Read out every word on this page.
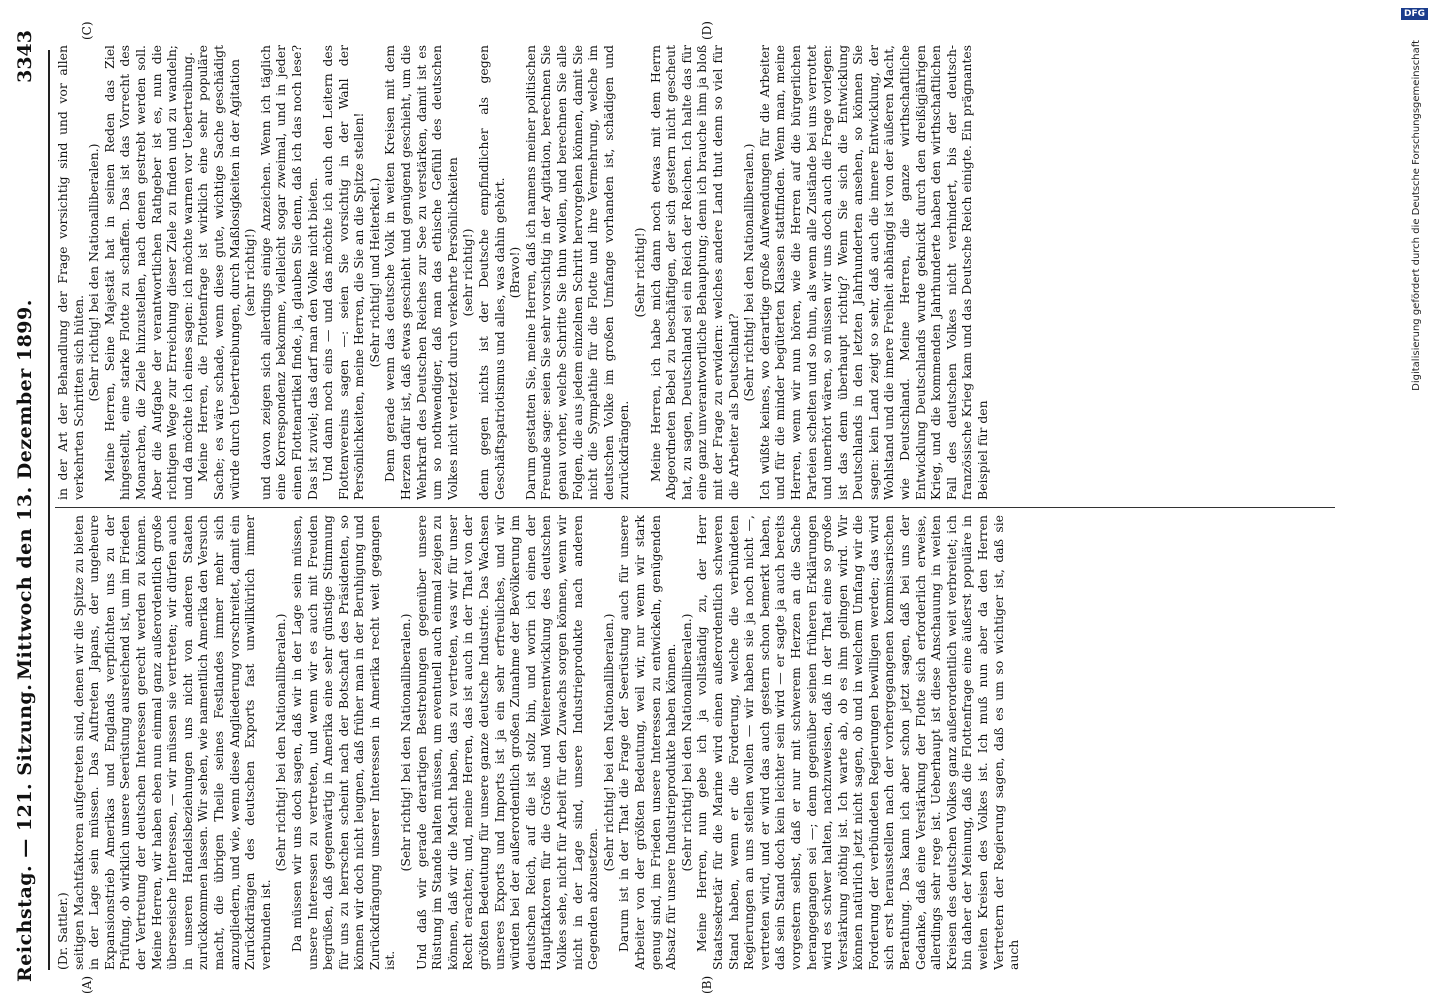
Reichstag. — 121. Sitzung.
Mittwoch den 13. Dezember 1899.
3343

(Dr. Sattler.) seitigen Machtfaktoren aufgetreten sind, denen wir die Spitze zu bieten in der Lage sein müssen. Das Auftreten Japans, der ungeheure Expansionstrieb Amerikas und Englands verpflichten uns zu der Prüfung, ob wirklich unsere Seerüstung ausreichend ist, um im Frieden der Vertretung der deutschen Interessen gerecht werden zu können. Meine Herren, wir haben eben nun einmal ganz außerordentlich große überseeische Interessen, — wir müssen sie vertreten; wir dürfen auch in unseren Handelsbeziehungen uns nicht von anderen Staaten zurückkommen lassen. Wir sehen, wie namentlich Amerika den Versuch macht, die übrigen Theile seines Festlandes immer mehr sich anzugliedern, und wie, wenn diese Angliederung vorschreitet, damit ein Zurückdrängen des deutschen Exports fast unwillkürlich immer verbunden ist.

(Sehr richtig! bei den Nationalliberalen.) Da müssen wir uns doch sagen, daß wir in der Lage sein müssen, unsere Interessen zu vertreten, und wenn wir es auch mit Freuden begrüßen, daß gegenwärtig in Amerika eine sehr günstige Stimmung für uns zu herrschen scheint nach der Botschaft des Präsidenten, so können wir doch nicht leugnen, daß früher man in der Beruhigung und Zurückdrängung unserer Interessen in Amerika recht weit gegangen ist.

(Sehr richtig! bei den Nationalliberalen.) Und daß wir gerade derartigen Bestrebungen gegenüber unsere Rüstung im Stande halten müssen, um eventuell auch einmal zeigen zu können, daß wir die Macht haben, das zu vertreten, was wir für unser Recht erachten; und, meine Herren, das ist auch in der That von der größten Bedeutung für unsere ganze deutsche Industrie. Das Wachsen unseres Exports und Imports ist ja ein sehr erfreuliches, und wir würden bei der außerordentlich großen Zunahme der Bevölkerung im deutschen Reich, auf die ist stolz bin, und worin ich einen der Hauptfaktoren für die Größe und Weiterentwicklung des deutschen Volkes sehe, nicht für Arbeit für den Zuwachs sorgen können, wenn wir nicht in der Lage sind, unsere Industrieprodukte nach anderen Gegenden abzusetzen.

(Sehr richtig! bei den Nationalliberalen.) Darum ist in der That die Frage der Seerüstung auch für unsere Arbeiter von der größten Bedeutung, weil wir, nur wenn wir stark genug sind, im Frieden unsere Interessen zu entwickeln, genügenden Absatz für unsere Industrieprodukte haben können. (Sehr richtig! bei den Nationalliberalen.) Meine Herren, nun gebe ich ja vollständig zu, der Herr Staatssekretär für die Marine wird einen außerordentlich schweren Stand haben, wenn er die Forderung, welche die verbündeten Regierungen an uns stellen wollen — wir haben sie ja noch nicht —, vertreten wird, und er wird das auch gestern schon bemerkt haben, daß sein Stand doch kein leichter sein wird — er sagte ja auch bereits vorgestern selbst, daß er nur mit schwerem Herzen an die Sache herangegangen sei —; denn gegenüber seinen früheren Erklärungen wird es schwer halten, nachzuweisen, daß in der That eine so große Verstärkung nöthig ist. Ich warte ab, ob es ihm gelingen wird. Wir können natürlich jetzt nicht sagen, ob und in welchem Umfang wir die Forderung der verbündeten Regierungen bewilligen werden; das wird sich erst herausstellen nach der vorhergegangenen kommissarischen Berathung. Das kann ich aber schon jetzt sagen, daß bei uns der Gedanke, daß eine Verstärkung der Flotte sich erforderlich erweise, allerdings sehr rege ist. Ueberhaupt ist diese Anschauung in weiten Kreisen des deutschen Volkes ganz außerordentlich weit verbreitet; ich bin daher der Meinung, daß die Flottenfrage eine äußerst populäre in weiten Kreisen des Volkes ist. Ich muß nun aber da den Herren Vertretern der Regierung sagen, daß es um so wichtiger ist, daß sie auch

in der Art der Behandlung der Frage vorsichtig sind und vor allen verkehrten Schritten sich hüten. (Sehr richtig! bei den Nationalliberalen.) Meine Herren, Seine Majestät hat in seinen Reden das Ziel hingestellt, eine starke Flotte zu schaffen. Das ist das Vorrecht des Monarchen, die Ziele hinzustellen, nach denen gestrebt werden soll. Aber die Aufgabe der verantwortlichen Rathgeber ist es, nun die richtigen Wege zur Erreichung dieser Ziele zu finden und zu wandeln; und da möchte ich eines sagen: ich möchte warnen vor Uebertreibung. Meine Herren, die Flottenfrage ist wirklich eine sehr populäre Sache; es wäre schade, wenn diese gute, wichtige Sache geschädigt würde durch Uebertreibungen, durch Maßlosigkeiten in der Agitation (sehr richtig!) und davon zeigen sich allerdings einige Anzeichen. Wenn ich täglich eine Korrespondenz bekomme, vielleicht sogar zweimal, und in jeder einen Flottenartikel finde, ja, glauben Sie denn, daß ich das noch lese? Das ist zuviel; das darf man den Volke nicht bieten. Und dann noch eins — und das möchte ich auch den Leitern des Flottenvereins sagen —: seien Sie vorsichtig in der Wahl der Persönlichkeiten, meine Herren, die Sie an die Spitze stellen! (Sehr richtig! und Heiterkeit.) Denn gerade wenn das deutsche Volk in weiten Kreisen mit dem Herzen dafür ist, daß etwas geschieht und genügend geschieht, um die Wehrkraft des Deutschen Reiches zur See zu verstärken, damit ist es um so nothwendiger, daß man das ethische Gefühl des deutschen Volkes nicht verletzt durch verkehrte Persönlichkeiten (sehr richtig!) denn gegen nichts ist der Deutsche empfindlicher als gegen Geschäftspatriotismus und alles, was dahin gehört. (Bravo!) Darum gestatten Sie, meine Herren, daß ich namens meiner politischen Freunde sage: seien Sie sehr vorsichtig in der Agitation, berechnen Sie genau vorher, welche Schritte Sie thun wollen, und berechnen Sie alle Folgen, die aus jedem einzelnen Schritt hervorgehen können, damit Sie nicht die Sympathie für die Flotte und ihre Vermehrung, welche im deutschen Volke im großen Umfange vorhanden ist, schädigen und zurückdrängen.

(Sehr richtig!) Meine Herren, ich habe mich dann noch etwas mit dem Herrn Abgeordneten Bebel zu beschäftigen, der sich gestern nicht gescheut hat, zu sagen, Deutschland sei ein Reich der Reichen. Ich halte das für eine ganz unverantwortliche Behauptung; denn ich brauche ihm ja bloß mit der Frage zu erwidern: welches andere Land thut denn so viel für die Arbeiter als Deutschland?

(Sehr richtig! bei den Nationalliberalen.) Ich wüßte keines, wo derartige große Aufwendungen für die Arbeiter und für die minder begüterten Klassen stattfinden. Wenn man, meine Herren, wenn wir nun hören, wie die Herren auf die bürgerlichen Parteien schelten und so thun, als wenn alle Zustände bei uns verrottet und unerhört wären, so müssen wir uns doch auch die Frage vorlegen: ist das denn überhaupt richtig? Wenn Sie sich die Entwicklung Deutschlands in den letzten Jahrhunderten ansehen, so können Sie sagen: kein Land zeigt so sehr, daß auch die innere Entwicklung, der Wohlstand und die innere Freiheit abhängig ist von der äußeren Macht, wie Deutschland. Meine Herren, die ganze wirthschaftliche Entwicklung Deutschlands wurde geknickt durch den dreißigjährigen Krieg, und die kommenden Jahrhunderte haben den wirthschaftlichen Fall des deutschen Volkes nicht verhindert, bis der deutsch-französische Krieg kam und das Deutsche Reich einigte. Ein prägnantes Beispiel für den

(A)	(B)
(C)	(D)
Digitalisierung gefördert durch die Deutsche Forschungsgemeinschaft
DFG
